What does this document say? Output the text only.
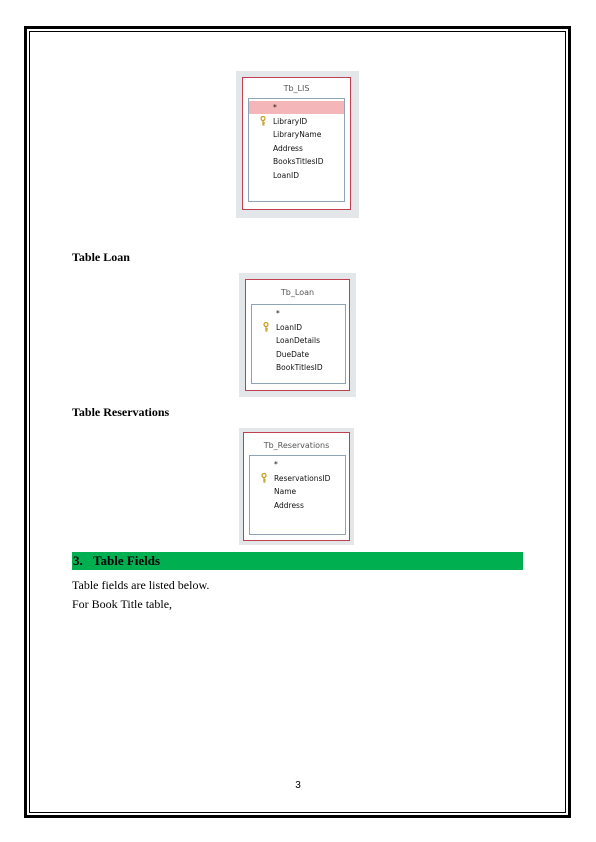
Tb_LIS
*
LibraryID
LibraryName
Address
BooksTitlesID
LoanID
Table Loan
Tb_Loan
*
LoanID
LoanDetails
DueDate
BookTitlesID
Table Reservations
Tb_Reservations
*
ReservationsID
Name
Address
3. Table Fields
Table fields are listed below.
For Book Title table,
3
